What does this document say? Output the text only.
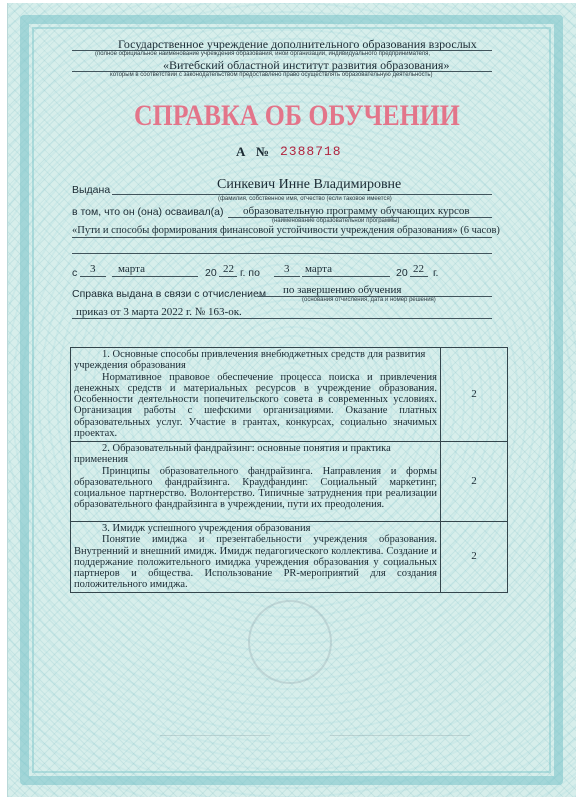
Государственное учреждение дополнительного образования взрослых
(полное официальное наименование учреждения образования, иной организации, индивидуального предпринимателя,
«Витебский областной институт развития образования»
которым в соответствии с законодательством предоставлено право осуществлять образовательную деятельность)
СПРАВКА ОБ ОБУЧЕНИИ
А № 2388718
Выдана	Синкевич Инне Владимировне
(фамилия, собственное имя, отчество (если таковое имеется)
в том, что он (она) осваивал(а) образовательную программу обучающих курсов
(наименование образовательной программы)
«Пути и способы формирования финансовой устойчивости учреждения образования» (6 часов)
с 3 марта	20 22 г. по 3 марта	20 22 г.
Справка выдана в связи с отчислением по завершению обучения
(основания отчисления, дата и номер решения)
приказ от 3 марта 2022 г. № 163-ок.
1. Основные способы привлечения внебюджетных средств для развития учреждения образования
Нормативное правовое обеспечение процесса поиска и привлечения денежных средств и материальных ресурсов в учреждение образования. Особенности деятельности попечительского совета в современных условиях. Организация работы с шефскими организациями. Оказание платных образовательных услуг. Участие в грантах, конкурсах, социально значимых проектах.	2

2. Образовательный фандрайзинг: основные понятия и практика применения
Принципы образовательного фандрайзинга. Направления и формы образовательного фандрайзинга. Краудфандинг. Социальный маркетинг, социальное партнерство. Волонтерство. Типичные затруднения при реализации образовательного фандрайзинга в учреждении, пути их преодоления.	2

3. Имидж успешного учреждения образования
Понятие имиджа и презентабельности учреждения образования. Внутренний и внешний имидж. Имидж педагогического коллектива. Создание и поддержание положительного имиджа учреждения образования у социальных партнеров и общества. Использование PR-мероприятий для создания положительного имиджа.	2
